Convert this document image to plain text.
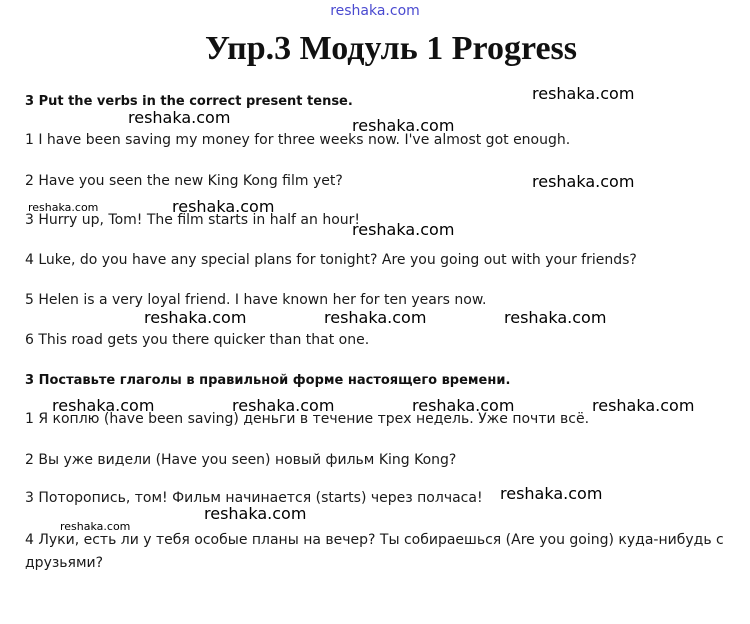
reshaka.com
Упр.3 Модуль 1 Progress
3 Put the verbs in the correct present tense.
1 I have been saving my money for three weeks now. I've almost got enough.
2 Have you seen the new King Kong film yet?
3 Hurry up, Tom! The film starts in half an hour!
4 Luke, do you have any special plans for tonight? Are you going out with your friends?
5 Helen is a very loyal friend. I have known her for ten years now.
6 This road gets you there quicker than that one.
3 Поставьте глаголы в правильной форме настоящего времени.
1 Я коплю (have been saving) деньги в течение трех недель. Уже почти всё.
2 Вы уже видели (Have you seen) новый фильм King Kong?
3 Поторопись, том! Фильм начинается (starts) через полчаса!
4 Луки, есть ли у тебя особые планы на вечер? Ты собираешься (Are you going) куда-нибудь с
друзьями?
reshaka.com
reshaka.com	reshaka.com
reshaka.com
reshaka.com	reshaka.com
reshaka.com
reshaka.com	reshaka.com	reshaka.com
reshaka.com	reshaka.com	reshaka.com	reshaka.com
reshaka.com
reshaka.com
reshaka.com
